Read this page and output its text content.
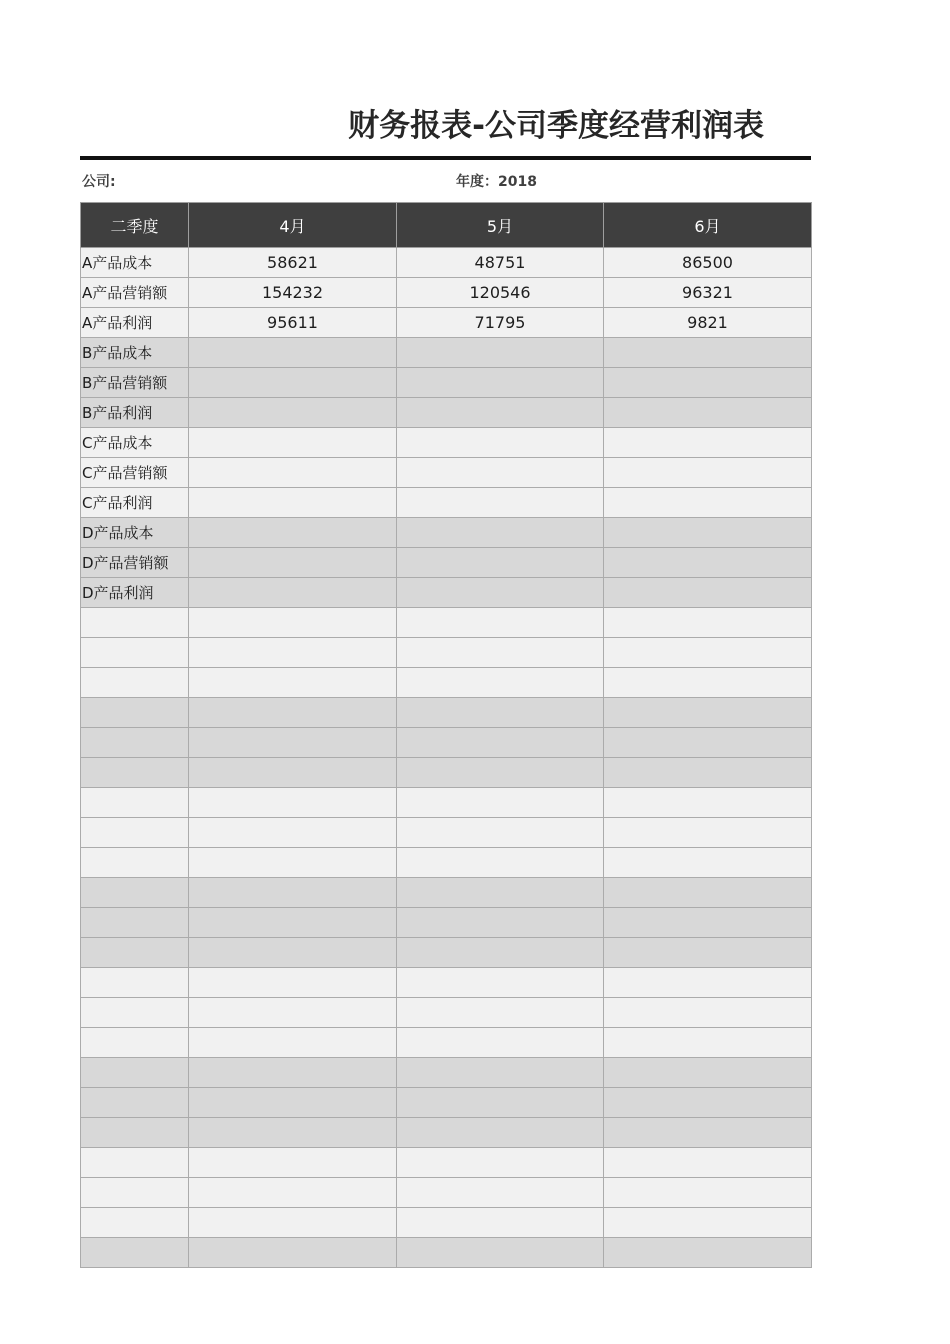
财务报表-公司季度经营利润表
公司:	年度：2018
二季度	4月	5月	6月
A产品成本	58621	48751	86500
A产品营销额	154232	120546	96321
A产品利润	95611	71795	9821
B产品成本			
B产品营销额			
B产品利润			
C产品成本			
C产品营销额			
C产品利润			
D产品成本			
D产品营销额			
D产品利润			
